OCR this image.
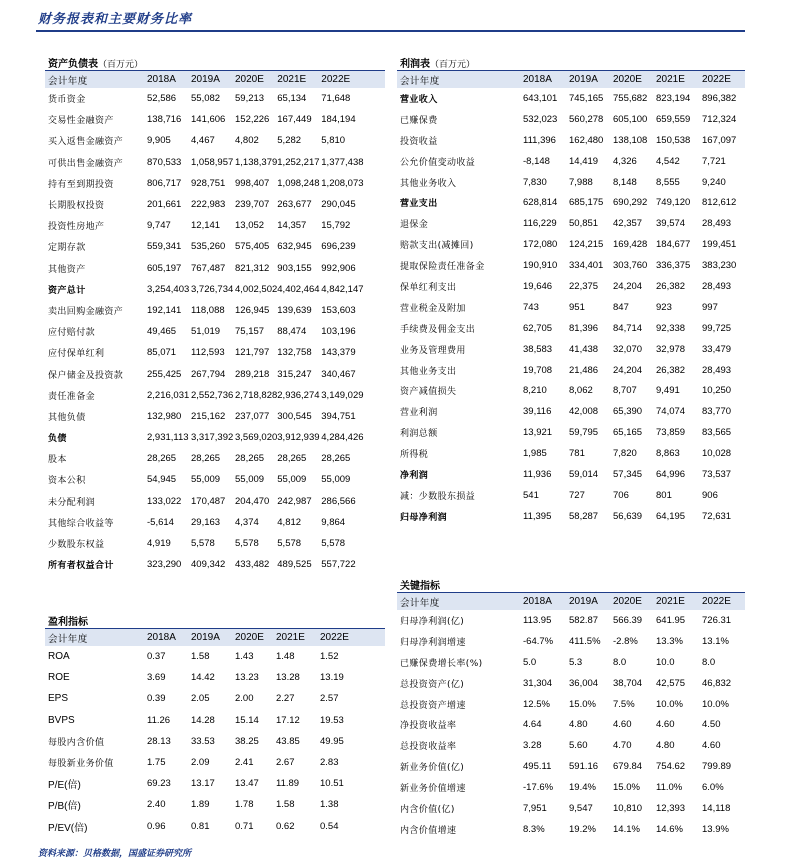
财务报表和主要财务比率
资产负债表（百万元）
会计年度	2018A	2019A	2020E	2021E	2022E
货币资金	52,586	55,082	59,213	65,134	71,648
交易性金融资产	138,716	141,606	152,226	167,449	184,194
买入返售金融资产	9,905	4,467	4,802	5,282	5,810
可供出售金融资产	870,533	1,058,957	1,138,379	1,252,217	1,377,438
持有至到期投资	806,717	928,751	998,407	1,098,248	1,208,073
长期股权投资	201,661	222,983	239,707	263,677	290,045
投资性房地产	9,747	12,141	13,052	14,357	15,792
定期存款	559,341	535,260	575,405	632,945	696,239
其他资产	605,197	767,487	821,312	903,155	992,906
资产总计	3,254,403	3,726,734	4,002,502	4,402,464	4,842,147
卖出回购金融资产	192,141	118,088	126,945	139,639	153,603
应付赔付款	49,465	51,019	75,157	88,474	103,196
应付保单红利	85,071	112,593	121,797	132,758	143,379
保户储金及投资款	255,425	267,794	289,218	315,247	340,467
责任准备金	2,216,031	2,552,736	2,718,828	2,936,274	3,149,029
其他负债	132,980	215,162	237,077	300,545	394,751
负债	2,931,113	3,317,392	3,569,020	3,912,939	4,284,426
股本	28,265	28,265	28,265	28,265	28,265
资本公积	54,945	55,009	55,009	55,009	55,009
未分配利润	133,022	170,487	204,470	242,987	286,566
其他综合收益等	-5,614	29,163	4,374	4,812	9,864
少数股东权益	4,919	5,578	5,578	5,578	5,578
所有者权益合计	323,290	409,342	433,482	489,525	557,722
利润表（百万元）
会计年度	2018A	2019A	2020E	2021E	2022E
营业收入	643,101	745,165	755,682	823,194	896,382
已赚保费	532,023	560,278	605,100	659,559	712,324
投资收益	111,396	162,480	138,108	150,538	167,097
公允价值变动收益	-8,148	14,419	4,326	4,542	7,721
其他业务收入	7,830	7,988	8,148	8,555	9,240
营业支出	628,814	685,175	690,292	749,120	812,612
退保金	116,229	50,851	42,357	39,574	28,493
赔款支出(减摊回)	172,080	124,215	169,428	184,677	199,451
提取保险责任准备金	190,910	334,401	303,760	336,375	383,230
保单红利支出	19,646	22,375	24,204	26,382	28,493
营业税金及附加	743	951	847	923	997
手续费及佣金支出	62,705	81,396	84,714	92,338	99,725
业务及管理费用	38,583	41,438	32,070	32,978	33,479
其他业务支出	19,708	21,486	24,204	26,382	28,493
资产减值损失	8,210	8,062	8,707	9,491	10,250
营业利润	39,116	42,008	65,390	74,074	83,770
利润总额	13,921	59,795	65,165	73,859	83,565
所得税	1,985	781	7,820	8,863	10,028
净利润	11,936	59,014	57,345	64,996	73,537
减：少数股东损益	541	727	706	801	906
归母净利润	11,395	58,287	56,639	64,195	72,631
盈利指标
会计年度	2018A	2019A	2020E	2021E	2022E
ROA	0.37	1.58	1.43	1.48	1.52
ROE	3.69	14.42	13.23	13.28	13.19
EPS	0.39	2.05	2.00	2.27	2.57
BVPS	11.26	14.28	15.14	17.12	19.53
每股内含价值	28.13	33.53	38.25	43.85	49.95
每股新业务价值	1.75	2.09	2.41	2.67	2.83
P/E(倍)	69.23	13.17	13.47	11.89	10.51
P/B(倍)	2.40	1.89	1.78	1.58	1.38
P/EV(倍)	0.96	0.81	0.71	0.62	0.54
关键指标
会计年度	2018A	2019A	2020E	2021E	2022E
归母净利润(亿)	113.95	582.87	566.39	641.95	726.31
归母净利润增速	-64.7%	411.5%	-2.8%	13.3%	13.1%
已赚保费增长率(%)	5.0	5.3	8.0	10.0	8.0
总投资资产(亿)	31,304	36,004	38,704	42,575	46,832
总投资资产增速	12.5%	15.0%	7.5%	10.0%	10.0%
净投资收益率	4.64	4.80	4.60	4.60	4.50
总投资收益率	3.28	5.60	4.70	4.80	4.60
新业务价值(亿)	495.11	591.16	679.84	754.62	799.89
新业务价值增速	-17.6%	19.4%	15.0%	11.0%	6.0%
内含价值(亿)	7,951	9,547	10,810	12,393	14,118
内含价值增速	8.3%	19.2%	14.1%	14.6%	13.9%
资料来源：贝格数据，国盛证券研究所
